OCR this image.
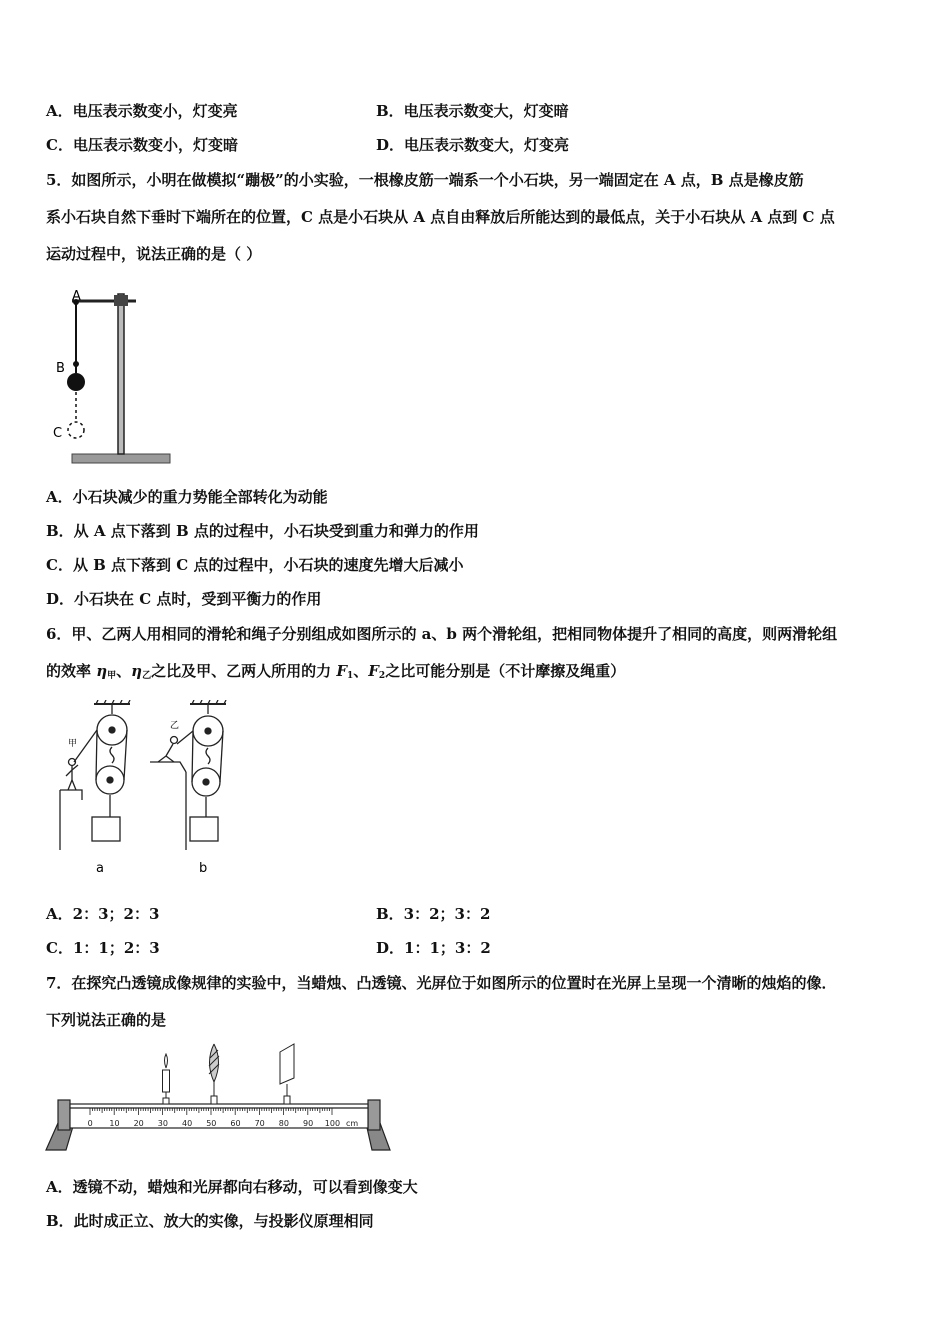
A．电压表示数变小，灯变亮	B．电压表示数变大，灯变暗
C．电压表示数变小，灯变暗	D．电压表示数变大，灯变亮
5．如图所示，小明在做模拟“蹦极”的小实验，一根橡皮筋一端系一个小石块，另一端固定在 A 点，B 点是橡皮筋
系小石块自然下垂时下端所在的位置，C 点是小石块从 A 点自由释放后所能达到的最低点，关于小石块从 A 点到 C 点
运动过程中，说法正确的是（ ）
A
B
C
A．小石块减少的重力势能全部转化为动能
B．从 A 点下落到 B 点的过程中，小石块受到重力和弹力的作用
C．从 B 点下落到 C 点的过程中，小石块的速度先增大后减小
D．小石块在 C 点时，受到平衡力的作用
6．甲、乙两人用相同的滑轮和绳子分别组成如图所示的 a、b 两个滑轮组，把相同物体提升了相同的高度，则两滑轮组
的效率 $\eta_甲$、$\eta_乙$之比及甲、乙两人所用的力 $F_1$、$F_2$之比可能分别是（不计摩擦及绳重）
甲
乙
a	b
A．2：3；2：3	B．3：2；3：2
C．1：1；2：3	D．1：1；3：2
7．在探究凸透镜成像规律的实验中，当蜡烛、凸透镜、光屏位于如图所示的位置时在光屏上呈现一个清晰的烛焰的像．
下列说法正确的是
0 10 20 30 40 50 60 70 80 90 100 cm
A．透镜不动，蜡烛和光屏都向右移动，可以看到像变大
B．此时成正立、放大的实像，与投影仪原理相同
